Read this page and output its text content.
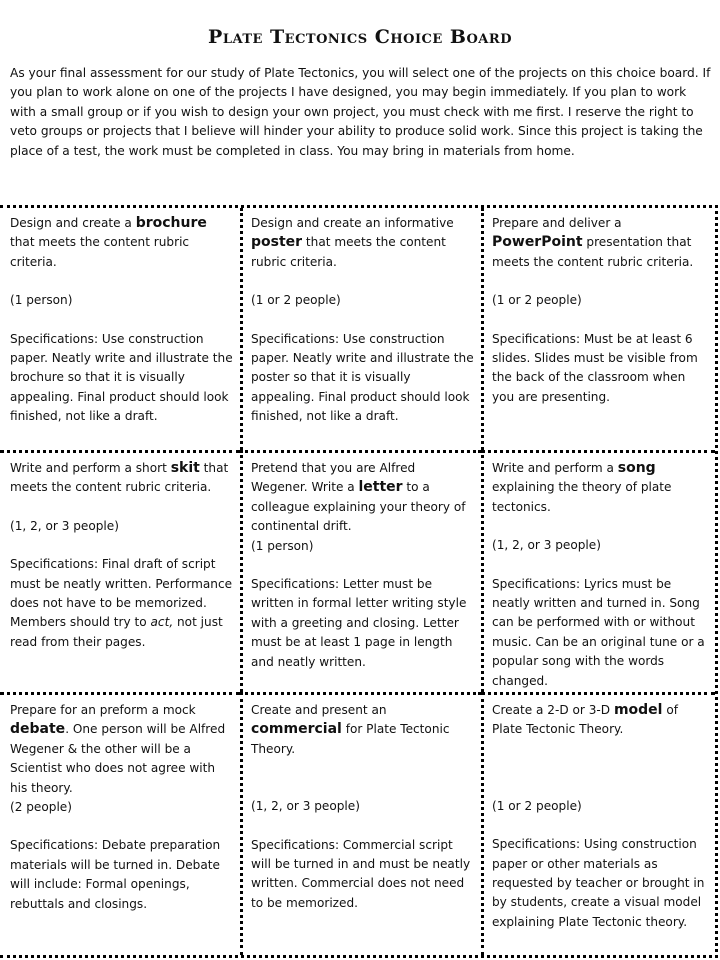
Plate Tectonics Choice Board
As your final assessment for our study of Plate Tectonics, you will select one of the projects on this choice board. If you plan to work alone on one of the projects I have designed, you may begin immediately. If you plan to work with a small group or if you wish to design your own project, you must check with me first. I reserve the right to veto groups or projects that I believe will hinder your ability to produce solid work. Since this project is taking the place of a test, the work must be completed in class. You may bring in materials from home.

Design and create a brochure that meets the content rubric criteria.

(1 person)

Specifications: Use construction paper. Neatly write and illustrate the brochure so that it is visually appealing. Final product should look finished, not like a draft.

Design and create an informative poster that meets the content rubric criteria.

(1 or 2 people)

Specifications: Use construction paper. Neatly write and illustrate the poster so that it is visually appealing. Final product should look finished, not like a draft.

Prepare and deliver a PowerPoint presentation that meets the content rubric criteria.

(1 or 2 people)

Specifications: Must be at least 6 slides. Slides must be visible from the back of the classroom when you are presenting.

Write and perform a short skit that meets the content rubric criteria.

(1, 2, or 3 people)

Specifications: Final draft of script must be neatly written. Performance does not have to be memorized. Members should try to act, not just read from their pages.

Pretend that you are Alfred Wegener. Write a letter to a colleague explaining your theory of continental drift.

(1 person)

Specifications: Letter must be written in formal letter writing style with a greeting and closing. Letter must be at least 1 page in length and neatly written.

Write and perform a song explaining the theory of plate tectonics.

(1, 2, or 3 people)

Specifications: Lyrics must be neatly written and turned in. Song can be performed with or without music. Can be an original tune or a popular song with the words changed.

Prepare for an preform a mock debate. One person will be Alfred Wegener & the other will be a Scientist who does not agree with his theory.

(2 people)

Specifications: Debate preparation materials will be turned in. Debate will include: Formal openings, rebuttals and closings.

Create and present an commercial for Plate Tectonic Theory.

(1, 2, or 3 people)

Specifications: Commercial script will be turned in and must be neatly written. Commercial does not need to be memorized.

Create a 2-D or 3-D model of Plate Tectonic Theory.

(1 or 2 people)

Specifications: Using construction paper or other materials as requested by teacher or brought in by students, create a visual model explaining Plate Tectonic theory.
